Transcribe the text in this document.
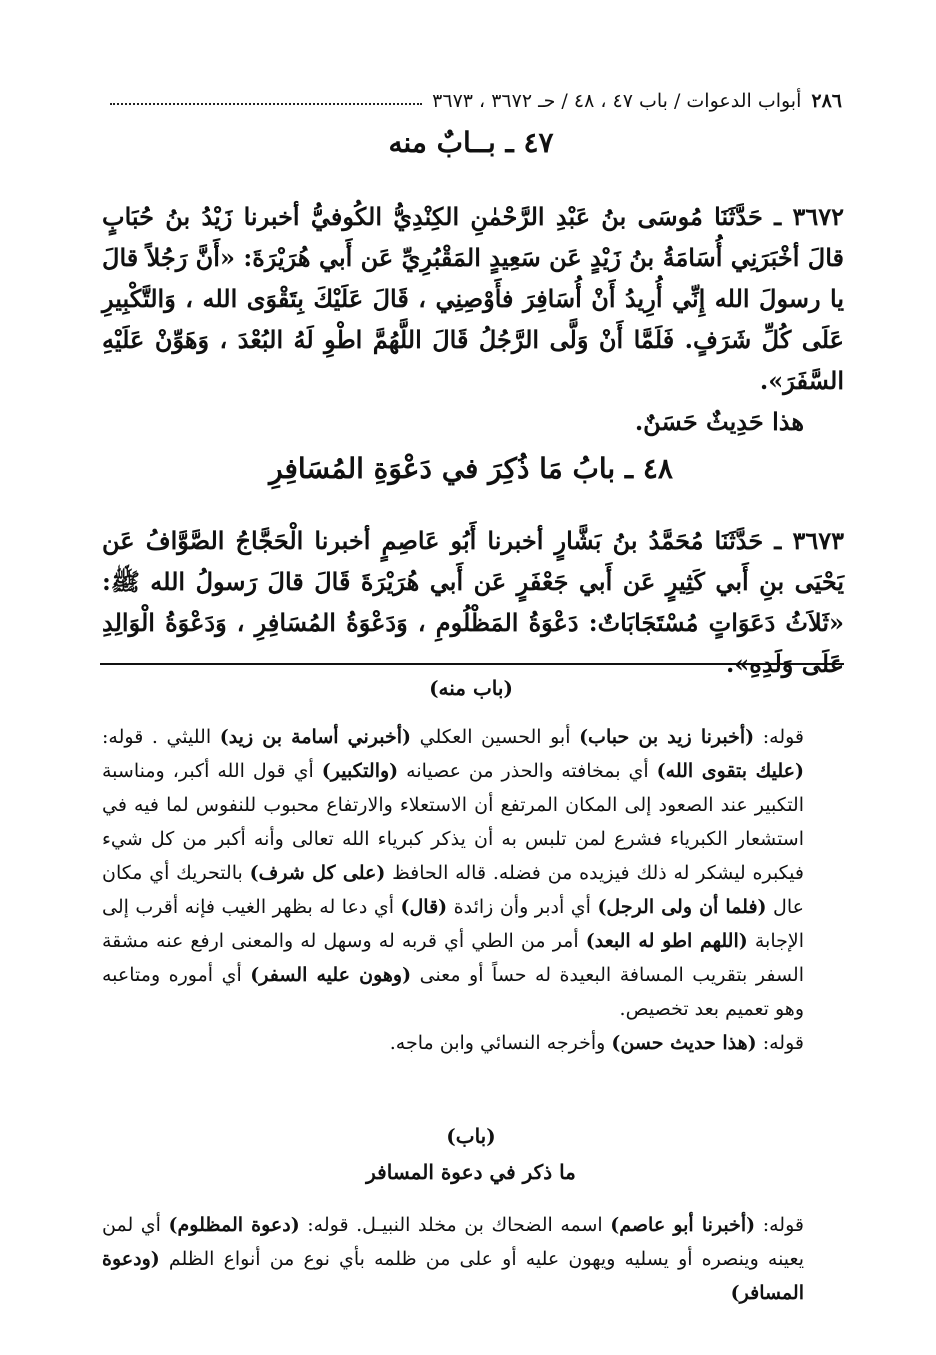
٢٨٦
أبواب الدعوات / باب ٤٧ ، ٤٨ / حـ ٣٦٧٢ ، ٣٦٧٣
٤٧ ـ بــابٌ منه

٣٦٧٢ ـ حَدَّثَنَا مُوسَى بنُ عَبْدِ الرَّحْمٰنِ الكِنْدِيُّ الكُوفيُّ أخبرنا زَيْدُ بنُ حُبَابٍ قالَ أخْبَرَنِي أُسَامَةُ بنُ زَيْدٍ عَن سَعِيدٍ المَقْبُرِيِّ عَن أَبي هُرَيْرَةَ: «أَنَّ رَجُلاً قالَ يا رسولَ الله إِنِّي أُرِيدُ أَنْ أُسَافِرَ فأَوْصِنِي ، قَالَ عَلَيْكَ بِتَقْوَى الله ، وَالتَّكْبِيرِ عَلَى كُلِّ شَرَفٍ. فَلَمَّا أَنْ وَلَّى الرَّجُلُ قَالَ اللَّهُمَّ اطْوِ لَهُ البُعْدَ ، وَهَوِّنْ عَلَيْهِ السَّفَرَ».

هذا حَدِيثٌ حَسَنٌ.

٤٨ ـ بابُ مَا ذُكِرَ في دَعْوَةِ المُسَافِرِ

٣٦٧٣ ـ حَدَّثَنَا مُحَمَّدُ بنُ بَشَّارٍ أخبرنا أَبُو عَاصِمٍ أخبرنا الْحَجَّاجُ الصَّوَّافُ عَن يَحْيَى بنِ أَبي كَثِيرٍ عَن أَبي جَعْفَرٍ عَن أَبي هُرَيْرَةَ قَالَ قالَ رَسولُ الله ﷺ: «ثَلاَثُ دَعَوَاتٍ مُسْتَجَابَاتٌ: دَعْوَةُ المَظْلُومِ ، وَدَعْوَةُ المُسَافِرِ ، وَدَعْوَةُ الْوَالِدِ عَلَى وَلَدِهِ».

(باب منه)

قوله: (أخبرنا زيد بن حباب) أبو الحسين العكلي (أخبرني أسامة بن زيد) الليثي . قوله: (عليك بتقوى الله) أي بمخافته والحذر من عصيانه (والتكبير) أي قول الله أكبر، ومناسبة التكبير عند الصعود إلى المكان المرتفع أن الاستعلاء والارتفاع محبوب للنفوس لما فيه في استشعار الكبرياء فشرع لمن تلبس به أن يذكر كبرياء الله تعالى وأنه أكبر من كل شيء فيكبره ليشكر له ذلك فيزيده من فضله. قاله الحافظ (على كل شرف) بالتحريك أي مكان عال (فلما أن ولى الرجل) أي أدبر وأن زائدة (قال) أي دعا له بظهر الغيب فإنه أقرب إلى الإجابة (اللهم اطو له البعد) أمر من الطي أي قربه له وسهل له والمعنى ارفع عنه مشقة السفر بتقريب المسافة البعيدة له حساً أو معنى (وهون عليه السفر) أي أموره ومتاعبه وهو تعميم بعد تخصيص.

قوله: (هذا حديث حسن) وأخرجه النسائي وابن ماجه.

(باب)
ما ذكر في دعوة المسافر

قوله: (أخبرنا أبو عاصم) اسمه الضحاك بن مخلد النبيـل. قوله: (دعوة المظلوم) أي لمن يعينه وينصره أو يسليه ويهون عليه أو على من ظلمه بأي نوع من أنواع الظلم (ودعوة المسافر)
